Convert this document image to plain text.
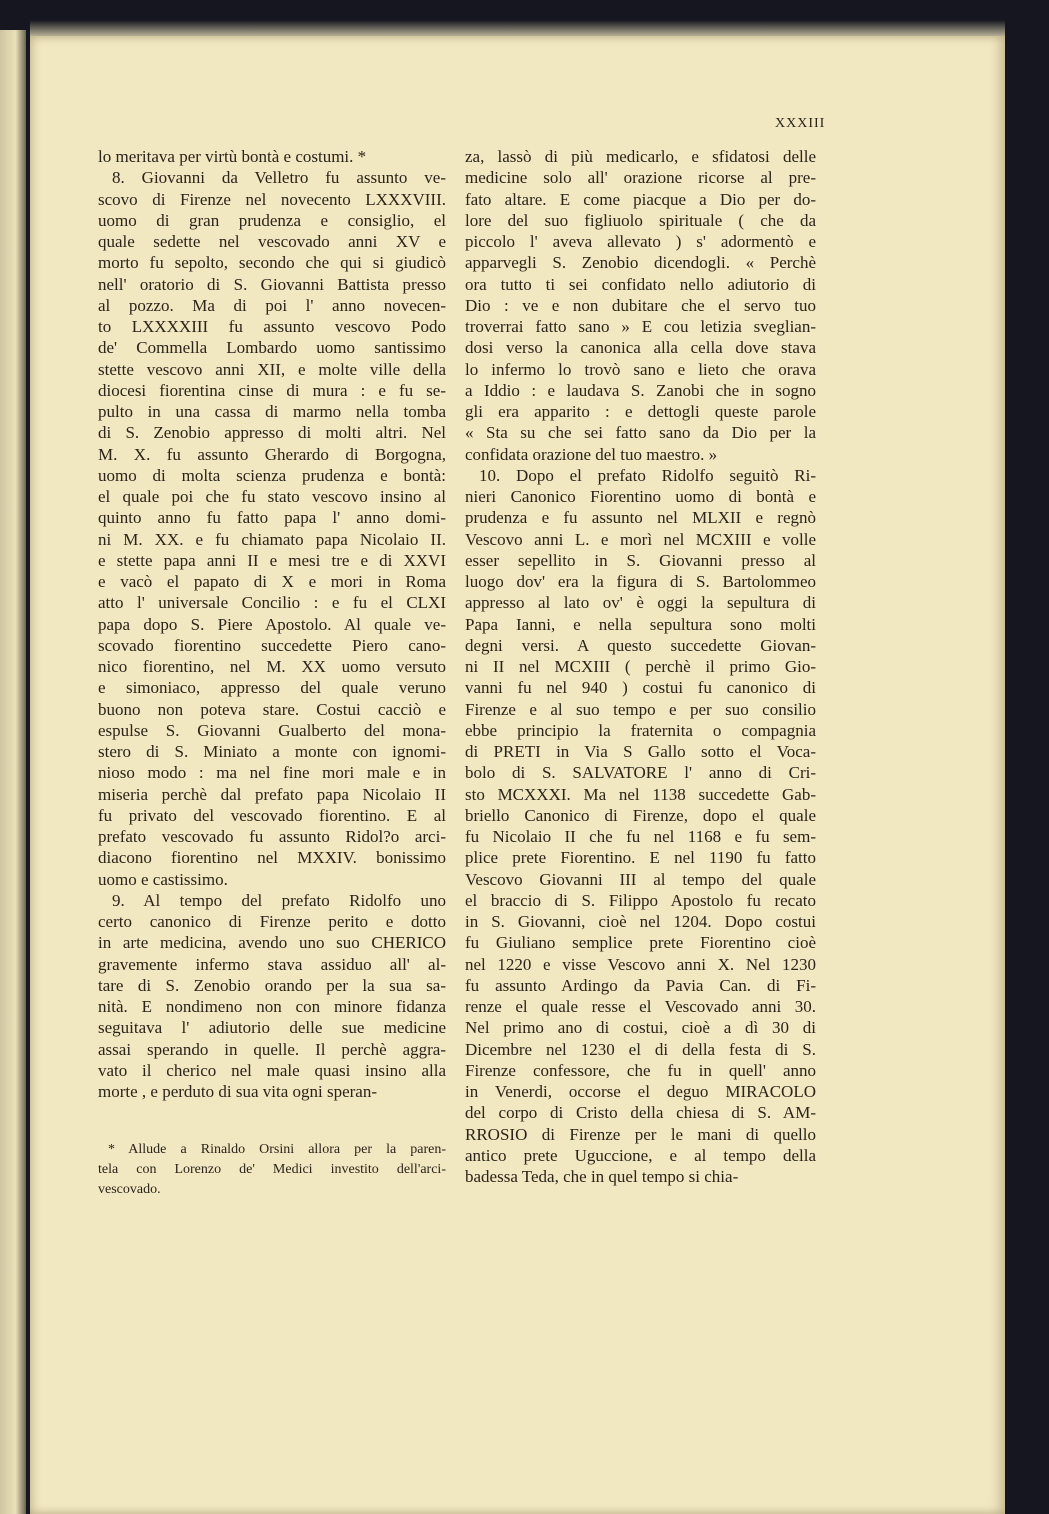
XXXIII
lo meritava per virtù bontà e costumi. *
8. Giovanni da Velletro fu assunto ve-
scovo di Firenze nel novecento LXXXVIII.
uomo di gran prudenza e consiglio, el
quale sedette nel vescovado anni XV e
morto fu sepolto, secondo che qui si giudicò
nell' oratorio di S. Giovanni Battista presso
al pozzo. Ma di poi l' anno novecen-
to LXXXXIII fu assunto vescovo Podo
de' Commella Lombardo uomo santissimo
stette vescovo anni XII, e molte ville della
diocesi fiorentina cinse di mura : e fu se-
pulto in una cassa di marmo nella tomba
di S. Zenobio appresso di molti altri. Nel
M. X. fu assunto Gherardo di Borgogna,
uomo di molta scienza prudenza e bontà:
el quale poi che fu stato vescovo insino al
quinto anno fu fatto papa l' anno domi-
ni M. XX. e fu chiamato papa Nicolaio II.
e stette papa anni II e mesi tre e di XXVI
e vacò el papato di X e mori in Roma
atto l' universale Concilio : e fu el CLXI
papa dopo S. Piere Apostolo. Al quale ve-
scovado fiorentino succedette Piero cano-
nico fiorentino, nel M. XX uomo versuto
e simoniaco, appresso del quale veruno
buono non poteva stare. Costui cacciò e
espulse S. Giovanni Gualberto del mona-
stero di S. Miniato a monte con ignomi-
nioso modo : ma nel fine mori male e in
miseria perchè dal prefato papa Nicolaio II
fu privato del vescovado fiorentino. E al
prefato vescovado fu assunto Ridol?o arci-
diacono fiorentino nel MXXIV. bonissimo
uomo e castissimo.
9. Al tempo del prefato Ridolfo uno
certo canonico di Firenze perito e dotto
in arte medicina, avendo uno suo CHERICO
gravemente infermo stava assiduo all' al-
tare di S. Zenobio orando per la sua sa-
nità. E nondimeno non con minore fidanza
seguitava l' adiutorio delle sue medicine
assai sperando in quelle. Il perchè aggra-
vato il cherico nel male quasi insino alla
morte , e perduto di sua vita ogni speran-
za, lassò di più medicarlo, e sfidatosi delle
medicine solo all' orazione ricorse al pre-
fato altare. E come piacque a Dio per do-
lore del suo figliuolo spirituale ( che da
piccolo l' aveva allevato ) s' adormentò e
apparvegli S. Zenobio dicendogli. « Perchè
ora tutto ti sei confidato nello adiutorio di
Dio : ve e non dubitare che el servo tuo
troverrai fatto sano » E cou letizia sveglian-
dosi verso la canonica alla cella dove stava
lo infermo lo trovò sano e lieto che orava
a Iddio : e laudava S. Zanobi che in sogno
gli era apparito : e dettogli queste parole
« Sta su che sei fatto sano da Dio per la
confidata orazione del tuo maestro. »
10. Dopo el prefato Ridolfo seguitò Ri-
nieri Canonico Fiorentino uomo di bontà e
prudenza e fu assunto nel MLXII e regnò
Vescovo anni L. e morì nel MCXIII e volle
esser sepellito in S. Giovanni presso al
luogo dov' era la figura di S. Bartolommeo
appresso al lato ov' è oggi la sepultura di
Papa Ianni, e nella sepultura sono molti
degni versi. A questo succedette Giovan-
ni II nel MCXIII ( perchè il primo Gio-
vanni fu nel 940 ) costui fu canonico di
Firenze e al suo tempo e per suo consilio
ebbe principio la fraternita o compagnia
di PRETI in Via S Gallo sotto el Voca-
bolo di S. SALVATORE l' anno di Cri-
sto MCXXXI. Ma nel 1138 succedette Gab-
briello Canonico di Firenze, dopo el quale
fu Nicolaio II che fu nel 1168 e fu sem-
plice prete Fiorentino. E nel 1190 fu fatto
Vescovo Giovanni III al tempo del quale
el braccio di S. Filippo Apostolo fu recato
in S. Giovanni, cioè nel 1204. Dopo costui
fu Giuliano semplice prete Fiorentino cioè
nel 1220 e visse Vescovo anni X. Nel 1230
fu assunto Ardingo da Pavia Can. di Fi-
renze el quale resse el Vescovado anni 30.
Nel primo ano di costui, cioè a dì 30 di
Dicembre nel 1230 el di della festa di S.
Firenze confessore, che fu in quell' anno
in Venerdi, occorse el deguo MIRACOLO
del corpo di Cristo della chiesa di S. AM-
RROSIO di Firenze per le mani di quello
antico prete Uguccione, e al tempo della
badessa Teda, che in quel tempo si chia-
* Allude a Rinaldo Orsini allora per la paren-
tela con Lorenzo de' Medici investito dell'arci-
vescovado.
